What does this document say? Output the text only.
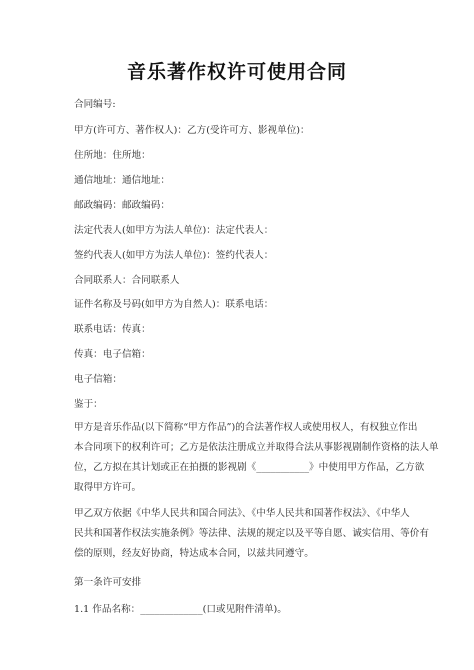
音乐著作权许可使用合同
合同编号:
甲方(许可方、著作权人)：乙方(受许可方、影视单位)：
住所地：住所地：
通信地址：通信地址：
邮政编码：邮政编码：
法定代表人(如甲方为法人单位)：法定代表人：
签约代表人(如甲方为法人单位)：签约代表人：
合同联系人：合同联系人
证件名称及号码(如甲方为自然人)：联系电话：
联系电话：传真：
传真：电子信箱：
电子信箱：
鉴于：
甲方是音乐作品(以下简称“甲方作品”)的合法著作权人或使用权人，有权独立作出
本合同项下的权利许可；乙方是依法注册成立并取得合法从事影视剧制作资格的法人单
位，乙方拟在其计划或正在拍摄的影视剧《___________》中使用甲方作品，乙方欲
取得甲方许可。
甲乙双方依据《中华人民共和国合同法》、《中华人民共和国著作权法》、《中华人
民共和国著作权法实施条例》等法律、法规的规定以及平等自愿、诚实信用、等价有
偿的原则，经友好协商，特达成本合同，以兹共同遵守。
第一条许可安排
1.1 作品名称：_____________(口或见附件清单)。
